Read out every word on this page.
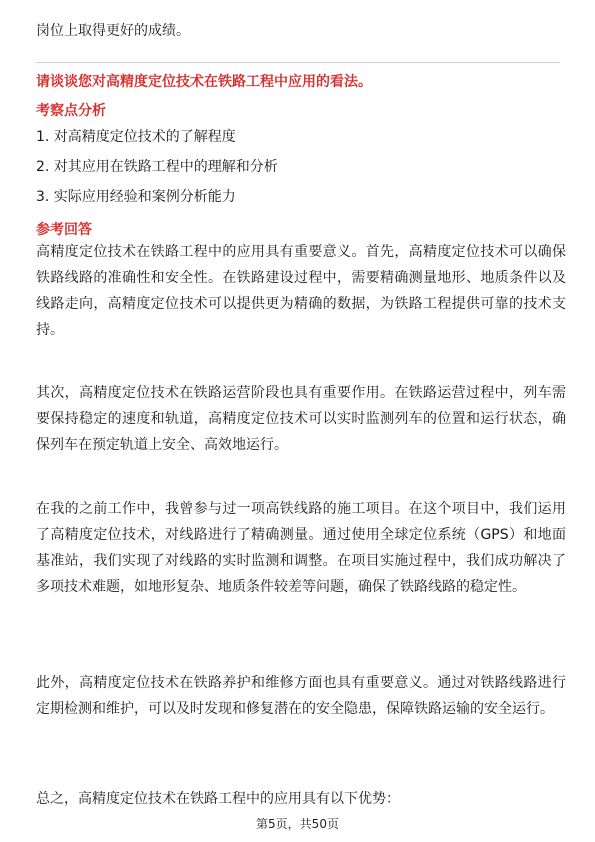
岗位上取得更好的成绩。

请谈谈您对高精度定位技术在铁路工程中应用的看法。

考察点分析

1. 对高精度定位技术的了解程度

2. 对其应用在铁路工程中的理解和分析

3. 实际应用经验和案例分析能力

参考回答

高精度定位技术在铁路工程中的应用具有重要意义。首先，高精度定位技术可以确保铁路线路的准确性和安全性。在铁路建设过程中，需要精确测量地形、地质条件以及线路走向，高精度定位技术可以提供更为精确的数据，为铁路工程提供可靠的技术支持。

其次，高精度定位技术在铁路运营阶段也具有重要作用。在铁路运营过程中，列车需要保持稳定的速度和轨道，高精度定位技术可以实时监测列车的位置和运行状态，确保列车在预定轨道上安全、高效地运行。

在我的之前工作中，我曾参与过一项高铁线路的施工项目。在这个项目中，我们运用了高精度定位技术，对线路进行了精确测量。通过使用全球定位系统（GPS）和地面基准站，我们实现了对线路的实时监测和调整。在项目实施过程中，我们成功解决了多项技术难题，如地形复杂、地质条件较差等问题，确保了铁路线路的稳定性。

此外，高精度定位技术在铁路养护和维修方面也具有重要意义。通过对铁路线路进行定期检测和维护，可以及时发现和修复潜在的安全隐患，保障铁路运输的安全运行。

总之，高精度定位技术在铁路工程中的应用具有以下优势：

第5页，共50页
